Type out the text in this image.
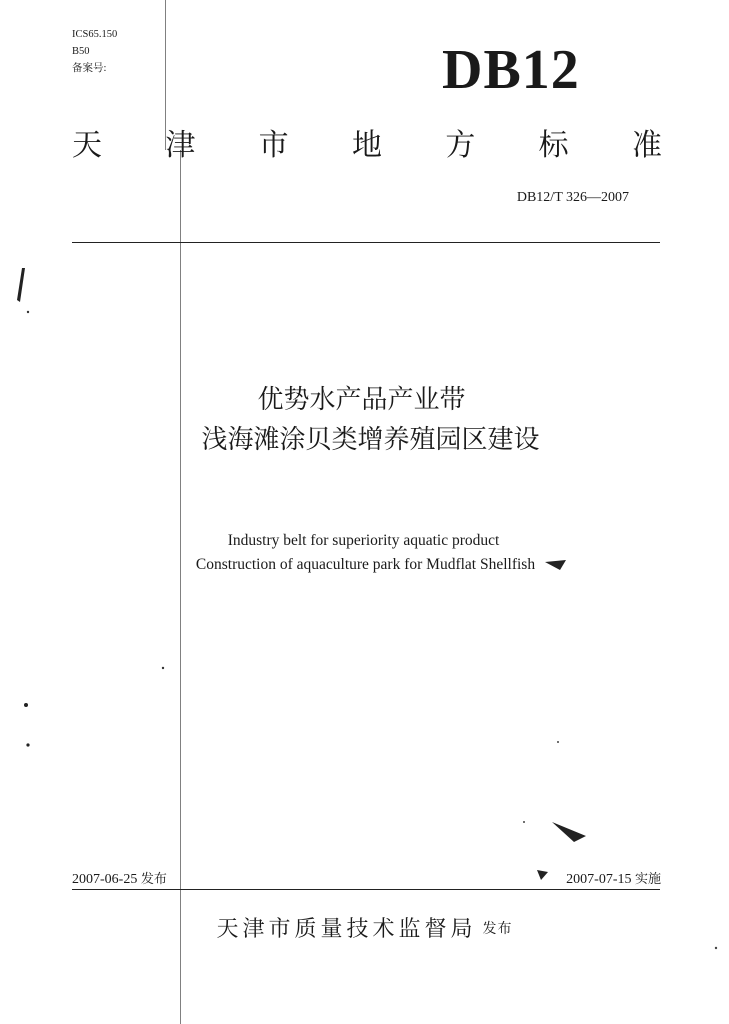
ICS65.150
B50
备案号:	DB12
天 津 市 地 方 标 准
DB12/T 326—2007
优势水产品产业带
浅海滩涂贝类增养殖园区建设
Industry belt for superiority aquatic product
Construction of aquaculture park for Mudflat Shellfish
2007-06-25 发布	2007-07-15 实施
天津市质量技术监督局 发布
